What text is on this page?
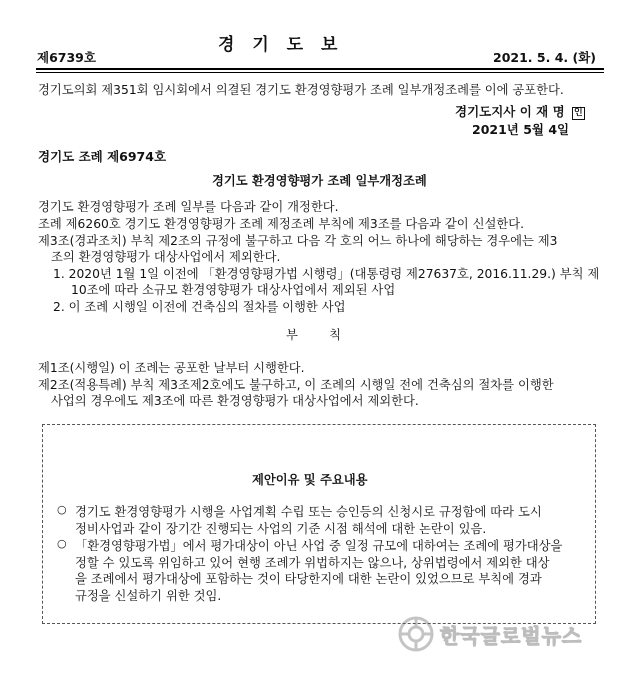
경 기 도 보
제6739호	2021. 5. 4. (화)
경기도의회 제351회 임시회에서 의결된 경기도 환경영향평가 조례 일부개정조례를 이에 공포한다.
경기도지사 이 재 명 인
2021년 5월 4일
경기도 조례 제6974호
경기도 환경영향평가 조례 일부개정조례
경기도 환경영향평가 조례 일부를 다음과 같이 개정한다.
조례 제6260호 경기도 환경영향평가 조례 제정조례 부칙에 제3조를 다음과 같이 신설한다.
제3조(경과조치) 부칙 제2조의 규정에 불구하고 다음 각 호의 어느 하나에 해당하는 경우에는 제3
조의 환경영향평가 대상사업에서 제외한다.
1. 2020년 1월 1일 이전에 「환경영향평가법 시행령」(대통령령 제27637호, 2016.11.29.) 부칙 제
10조에 따라 소규모 환경영향평가 대상사업에서 제외된 사업
2. 이 조례 시행일 이전에 건축심의 절차를 이행한 사업
부        칙
제1조(시행일) 이 조례는 공포한 날부터 시행한다.
제2조(적용특례) 부칙 제3조제2호에도 불구하고, 이 조례의 시행일 전에 건축심의 절차를 이행한
사업의 경우에도 제3조에 따른 환경영향평가 대상사업에서 제외한다.
제안이유 및 주요내용
○ 경기도 환경영향평가 시행을 사업계획 수립 또는 승인등의 신청시로 규정함에 따라 도시
정비사업과 같이 장기간 진행되는 사업의 기준 시점 해석에 대한 논란이 있음.
○ 「환경영향평가법」에서 평가대상이 아닌 사업 중 일정 규모에 대하여는 조례에 평가대상을
정할 수 있도록 위임하고 있어 현행 조례가 위법하지는 않으나, 상위법령에서 제외한 대상
을 조례에서 평가대상에 포함하는 것이 타당한지에 대한 논란이 있었으므로 부칙에 경과
규정을 신설하기 위한 것임.
한국글로벌뉴스
